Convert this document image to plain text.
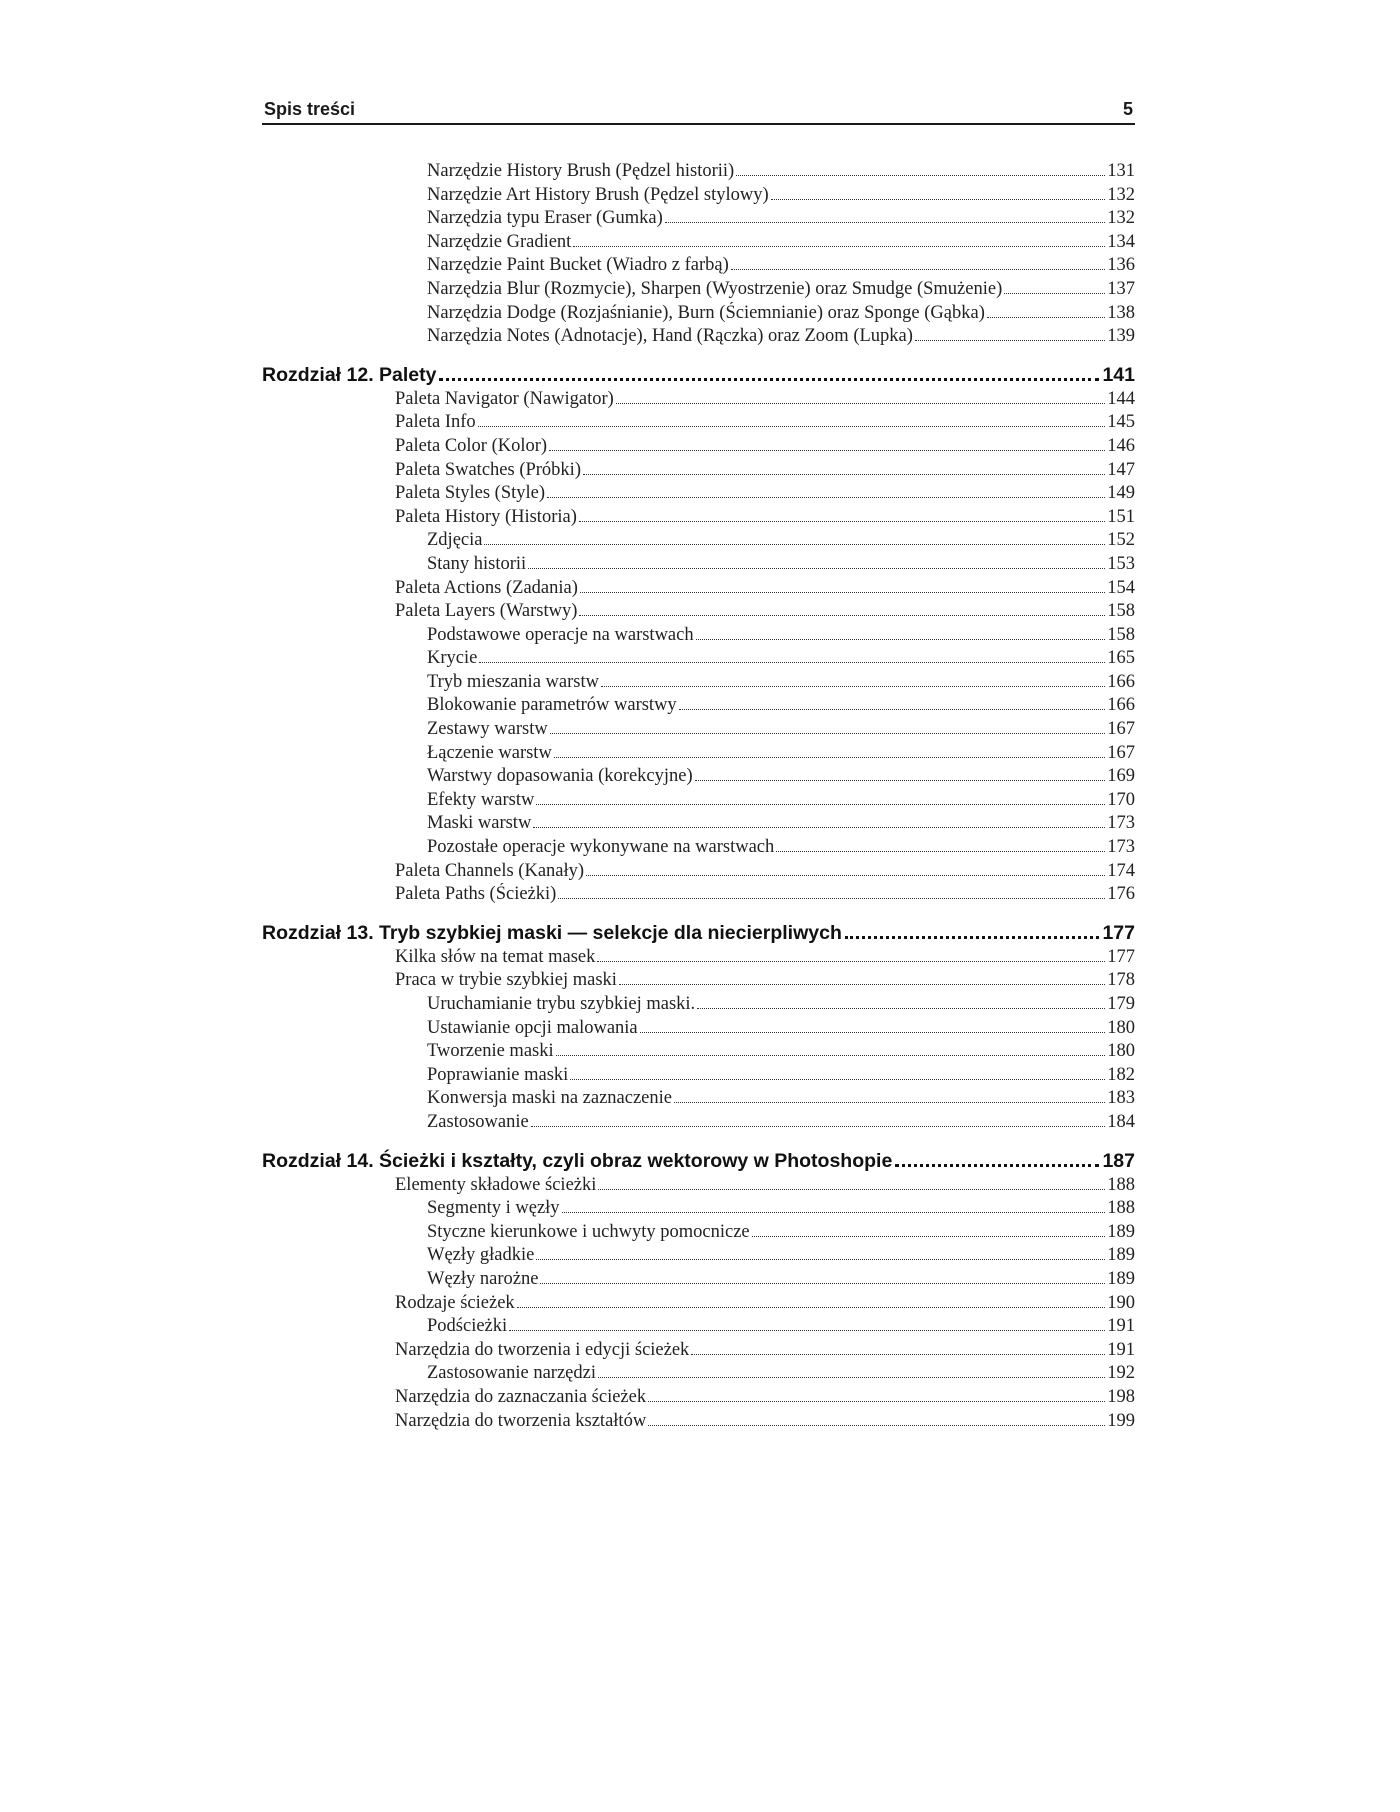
Spis treści	5
Narzędzie History Brush (Pędzel historii)	131
Narzędzie Art History Brush (Pędzel stylowy)	132
Narzędzia typu Eraser (Gumka)	132
Narzędzie Gradient	134
Narzędzie Paint Bucket (Wiadro z farbą)	136
Narzędzia Blur (Rozmycie), Sharpen (Wyostrzenie) oraz Smudge (Smużenie)	137
Narzędzia Dodge (Rozjaśnianie), Burn (Ściemnianie) oraz Sponge (Gąbka)	138
Narzędzia Notes (Adnotacje), Hand (Rączka) oraz Zoom (Lupka)	139
Rozdział 12. Palety	141
Paleta Navigator (Nawigator)	144
Paleta Info	145
Paleta Color (Kolor)	146
Paleta Swatches (Próbki)	147
Paleta Styles (Style)	149
Paleta History (Historia)	151
Zdjęcia	152
Stany historii	153
Paleta Actions (Zadania)	154
Paleta Layers (Warstwy)	158
Podstawowe operacje na warstwach	158
Krycie	165
Tryb mieszania warstw	166
Blokowanie parametrów warstwy	166
Zestawy warstw	167
Łączenie warstw	167
Warstwy dopasowania (korekcyjne)	169
Efekty warstw	170
Maski warstw	173
Pozostałe operacje wykonywane na warstwach	173
Paleta Channels (Kanały)	174
Paleta Paths (Ścieżki)	176
Rozdział 13. Tryb szybkiej maski — selekcje dla niecierpliwych	177
Kilka słów na temat masek	177
Praca w trybie szybkiej maski	178
Uruchamianie trybu szybkiej maski.	179
Ustawianie opcji malowania	180
Tworzenie maski	180
Poprawianie maski	182
Konwersja maski na zaznaczenie	183
Zastosowanie	184
Rozdział 14. Ścieżki i kształty, czyli obraz wektorowy w Photoshopie	187
Elementy składowe ścieżki	188
Segmenty i węzły	188
Styczne kierunkowe i uchwyty pomocnicze	189
Węzły gładkie	189
Węzły narożne	189
Rodzaje ścieżek	190
Podścieżki	191
Narzędzia do tworzenia i edycji ścieżek	191
Zastosowanie narzędzi	192
Narzędzia do zaznaczania ścieżek	198
Narzędzia do tworzenia kształtów	199
